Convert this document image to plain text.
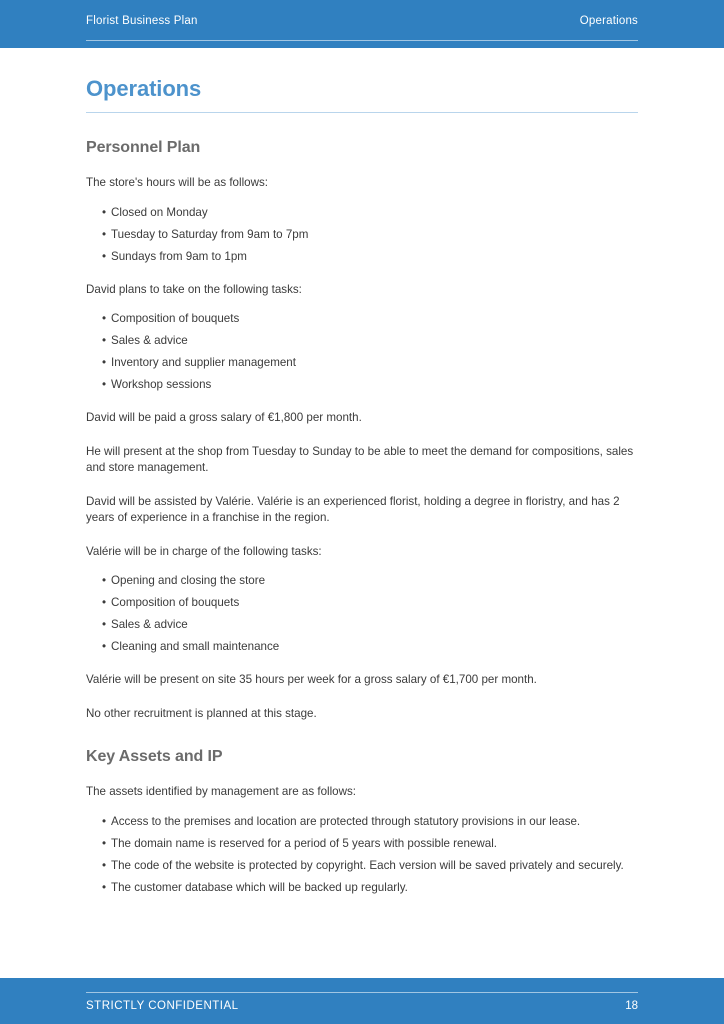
Florist Business Plan	Operations
Operations
Personnel Plan

The store's hours will be as follows:

• Closed on Monday
• Tuesday to Saturday from 9am to 7pm
• Sundays from 9am to 1pm

David plans to take on the following tasks:

• Composition of bouquets
• Sales & advice
• Inventory and supplier management
• Workshop sessions

David will be paid a gross salary of €1,800 per month.

He will present at the shop from Tuesday to Sunday to be able to meet the demand for compositions, sales and store management.

David will be assisted by Valérie. Valérie is an experienced florist, holding a degree in floristry, and has 2 years of experience in a franchise in the region.

Valérie will be in charge of the following tasks:

• Opening and closing the store
• Composition of bouquets
• Sales & advice
• Cleaning and small maintenance

Valérie will be present on site 35 hours per week for a gross salary of €1,700 per month.

No other recruitment is planned at this stage.

Key Assets and IP

The assets identified by management are as follows:

• Access to the premises and location are protected through statutory provisions in our lease.
• The domain name is reserved for a period of 5 years with possible renewal.
• The code of the website is protected by copyright. Each version will be saved privately and securely.
• The customer database which will be backed up regularly.
STRICTLY CONFIDENTIAL	18
